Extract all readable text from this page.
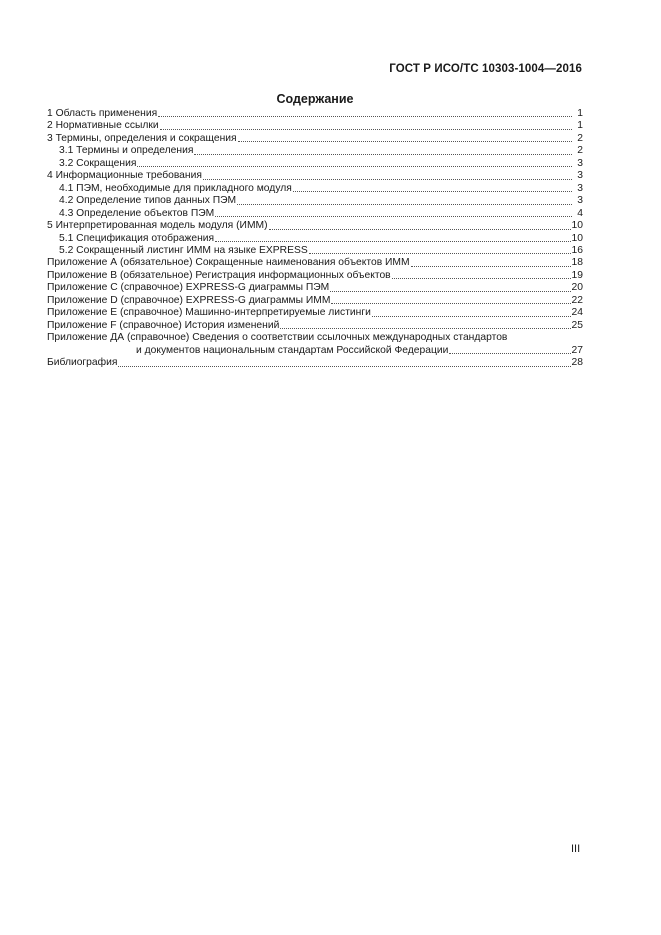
ГОСТ Р ИСО/ТС 10303-1004—2016
Содержание
1 Область применения	1
2 Нормативные ссылки	1
3 Термины, определения и сокращения	2
3.1 Термины и определения	2
3.2 Сокращения	3
4 Информационные требования	3
4.1 ПЭМ, необходимые для прикладного модуля	3
4.2 Определение типов данных ПЭМ	3
4.3 Определение объектов ПЭМ	4
5 Интерпретированная модель модуля (ИММ)	10
5.1 Спецификация отображения	10
5.2 Сокращенный листинг ИММ на языке EXPRESS	16
Приложение А (обязательное) Сокращенные наименования объектов ИММ	18
Приложение В (обязательное) Регистрация информационных объектов	19
Приложение С (справочное) EXPRESS-G диаграммы ПЭМ	20
Приложение D (справочное) EXPRESS-G диаграммы ИММ	22
Приложение Е (справочное) Машинно-интерпретируемые листинги	24
Приложение F (справочное) История изменений	25
Приложение ДА (справочное) Сведения о соответствии ссылочных международных стандартов
и документов национальным стандартам Российской Федерации	27
Библиография	28
III
